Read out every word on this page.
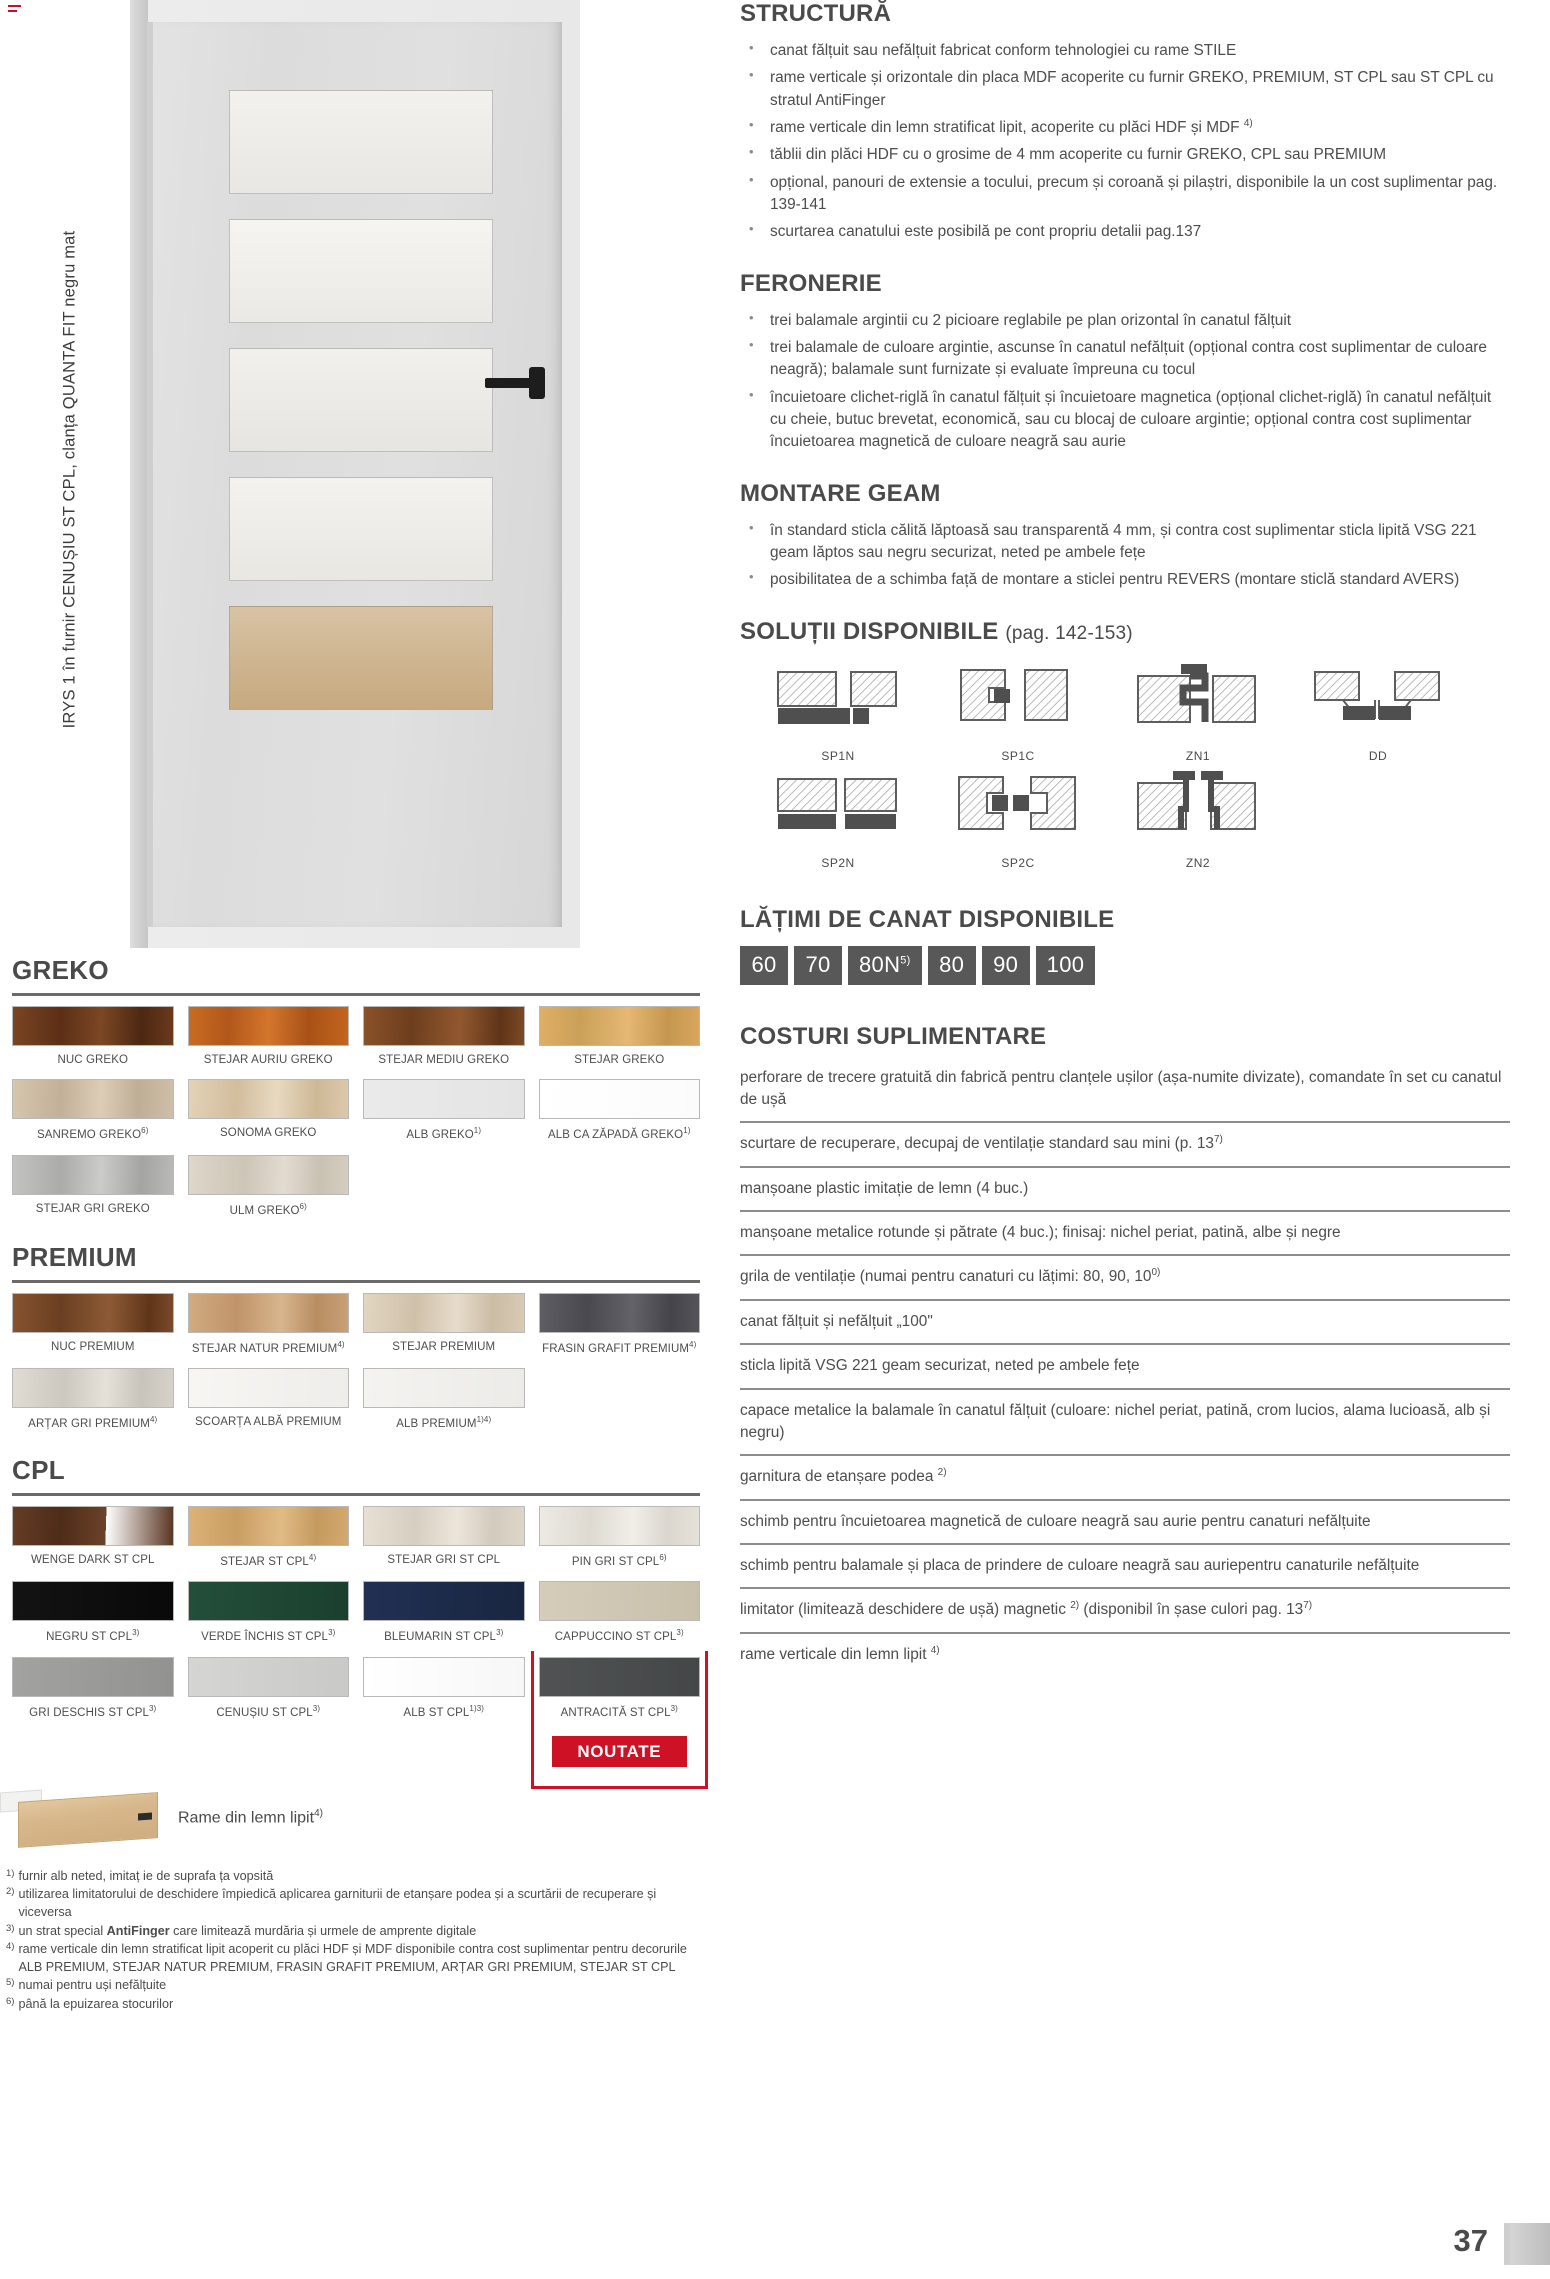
IRYS 1 în furnir CENUȘIU ST CPL, clanța QUANTA FIT negru mat
GREKO
NUC GREKO	STEJAR AURIU GREKO	STEJAR MEDIU GREKO	STEJAR GREKO
SANREMO GREKO$^{6)}$	SONOMA GREKO	ALB GREKO$^{1)}$	ALB CA ZĂPADĂ GREKO$^{1)}$
STEJAR GRI GREKO	ULM GREKO$^{6)}$
PREMIUM
NUC PREMIUM	STEJAR NATUR PREMIUM$^{4)}$	STEJAR PREMIUM	FRASIN GRAFIT PREMIUM$^{4)}$
ARȚAR GRI PREMIUM$^{4)}$	SCOARȚA ALBĂ PREMIUM	ALB $PREMIUM^{1)4)}$
CPL
WENGE DARK ST CPL	STEJAR ST CPL$^{4)}$	STEJAR GRI ST CPL	PIN GRI ST CPL$^{6)}$
NEGRU ST CPL$^{3)}$	VERDE ÎNCHIS ST CPL$^{3)}$	BLEUMARIN ST CPL$^{3)}$	CAPPUCCINO ST CPL$^{3)}$
GRI DESCHIS ST CPL$^{3)}$	CENUȘIU ST CPL$^{3)}$	ALB ST $CPL^{1)3)}$	ANTRACITĂ ST CPL$^{3)}$
NOUTATE
Rame din lemn lipit$^{4)}$
1) furnir alb neted, imitaț ie de suprafa ța vopsită
2) utilizarea limitatorului de deschidere împiedică aplicarea garniturii de etanșare podea și a scurtării de recuperare și viceversa
3) un strat special AntiFinger care limitează murdăria și urmele de amprente digitale
4) rame verticale din lemn stratificat lipit acoperit cu plăci HDF și MDF disponibile contra cost suplimentar pentru decorurile ALB PREMIUM, STEJAR NATUR PREMIUM, FRASIN GRAFIT PREMIUM, ARȚAR GRI PREMIUM, STEJAR ST CPL
5) numai pentru uși nefălțuite
6) până la epuizarea stocurilor
STRUCTURĂ
• canat fălțuit sau nefălțuit fabricat conform tehnologiei cu rame STILE
• rame verticale și orizontale din placa MDF acoperite cu furnir GREKO, PREMIUM, ST CPL sau ST CPL cu stratul AntiFinger
• rame verticale din lemn stratificat lipit, acoperite cu plăci HDF și MDF $^{4)}$
• tăblii din plăci HDF cu o grosime de 4 mm acoperite cu furnir GREKO, CPL sau PREMIUM
• opțional, panouri de extensie a tocului, precum și coroană și pilaștri, disponibile la un cost suplimentar pag. 139-141
• scurtarea canatului este posibilă pe cont propriu detalii pag.137
FERONERIE
• trei balamale argintii cu 2 picioare reglabile pe plan orizontal în canatul fălțuit
• trei balamale de culoare argintie, ascunse în canatul nefălțuit (opțional contra cost suplimentar de culoare neagră); balamale sunt furnizate și evaluate împreuna cu tocul
• încuietoare clichet-riglă în canatul fălțuit și încuietoare magnetica (opțional clichet-riglă) în canatul nefălțuit cu cheie, butuc brevetat, economică, sau cu blocaj de culoare argintie; opțional contra cost suplimentar încuietoarea magnetică de culoare neagră sau aurie
MONTARE GEAM
• în standard sticla călită lăptoasă sau transparentă 4 mm, și contra cost suplimentar sticla lipită VSG 221 geam lăptos sau negru securizat, neted pe ambele fețe
• posibilitatea de a schimba față de montare a sticlei pentru REVERS (montare sticlă standard AVERS)
SOLUȚII DISPONIBILE (pag. 142-153)
SP1N
SP2N
SP1C
SP2C
ZN1
ZN2
DD
LĂȚIMI DE CANAT DISPONIBILE
60	70	$80N^{5)}$	80	90	100
COSTURI SUPLIMENTARE
perforare de trecere gratuită din fabrică pentru clanțele ușilor (așa-numite divizate), comandate în set cu canatul de ușă
scurtare de recuperare, decupaj de ventilație standard sau mini (p. 13$^{7)}$
manșoane plastic imitație de lemn (4 buc.)
manșoane metalice rotunde și pătrate (4 buc.); finisaj: nichel periat, patină, albe și negre
grila de ventilație (numai pentru canaturi cu lățimi: 80, 90, 10$^{0)}$
canat fălțuit și nefălțuit „100"
sticla lipită VSG 221 geam securizat, neted pe ambele fețe
capace metalice la balamale în canatul fălțuit (culoare: nichel periat, patină, crom lucios, alama lucioasă, alb și negru)
garnitura de etanșare podea $^{2)}$
schimb pentru încuietoarea magnetică de culoare neagră sau aurie pentru canaturi nefălțuite
schimb pentru balamale și placa de prindere de culoare neagră sau auriepentru canaturile nefălțuite
limitator (limitează deschidere de ușă) magnetic $^{2)}$ (disponibil în șase culori pag. 13$^{7)}$
rame verticale din lemn lipit $^{4)}$
37
